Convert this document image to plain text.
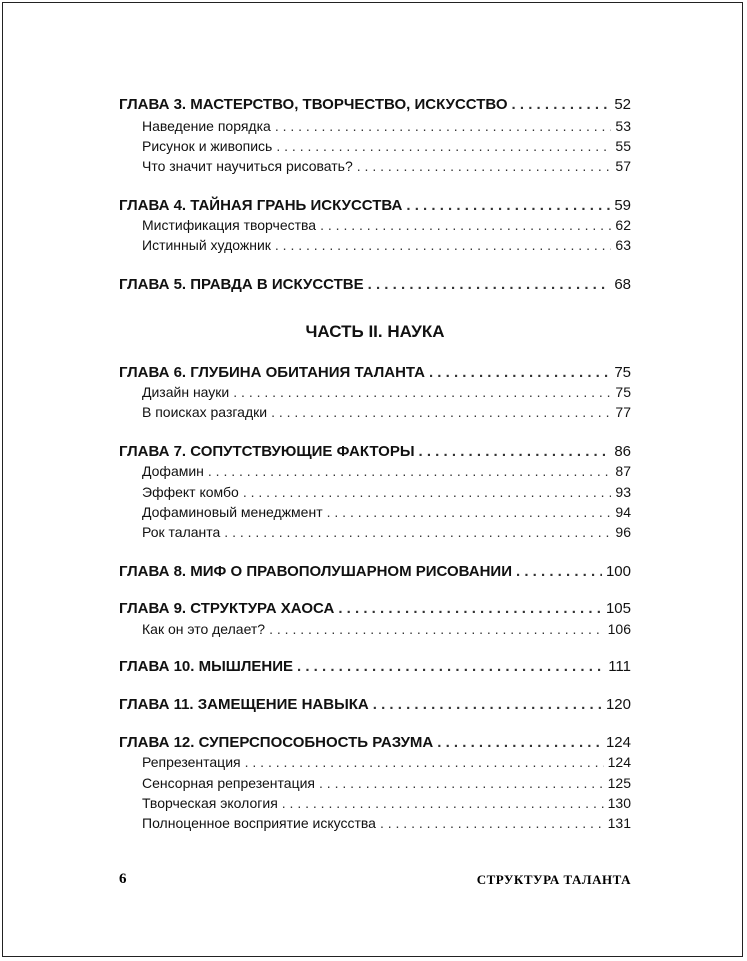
ГЛАВА 3. МАСТЕРСТВО, ТВОРЧЕСТВО, ИСКУССТВО . . .	52
Наведение порядка . . .	53
Рисунок и живопись . . .	55
Что значит научиться рисовать? . . .	57
ГЛАВА 4. ТАЙНАЯ ГРАНЬ ИСКУССТВА . . .	59
Мистификация творчества . . .	62
Истинный художник . . .	63
ГЛАВА 5. ПРАВДА В ИСКУССТВЕ . . .	68
ЧАСТЬ II. НАУКА
ГЛАВА 6. ГЛУБИНА ОБИТАНИЯ ТАЛАНТА . . .	75
Дизайн науки . . .	75
В поисках разгадки . . .	77
ГЛАВА 7. СОПУТСТВУЮЩИЕ ФАКТОРЫ . . .	86
Дофамин . . .	87
Эффект комбо . . .	93
Дофаминовый менеджмент . . .	94
Рок таланта . . .	96
ГЛАВА 8. МИФ О ПРАВОПОЛУШАРНОМ РИСОВАНИИ . . .	100
ГЛАВА 9. СТРУКТУРА ХАОСА . . .	105
Как он это делает? . . .	106
ГЛАВА 10. МЫШЛЕНИЕ . . .	111
ГЛАВА 11. ЗАМЕЩЕНИЕ НАВЫКА . . .	120
ГЛАВА 12. СУПЕРСПОСОБНОСТЬ РАЗУМА . . .	124
Репрезентация . . .	124
Сенсорная репрезентация . . .	125
Творческая экология . . .	130
Полноценное восприятие искусства . . .	131
6	СТРУКТУРА ТАЛАНТА
